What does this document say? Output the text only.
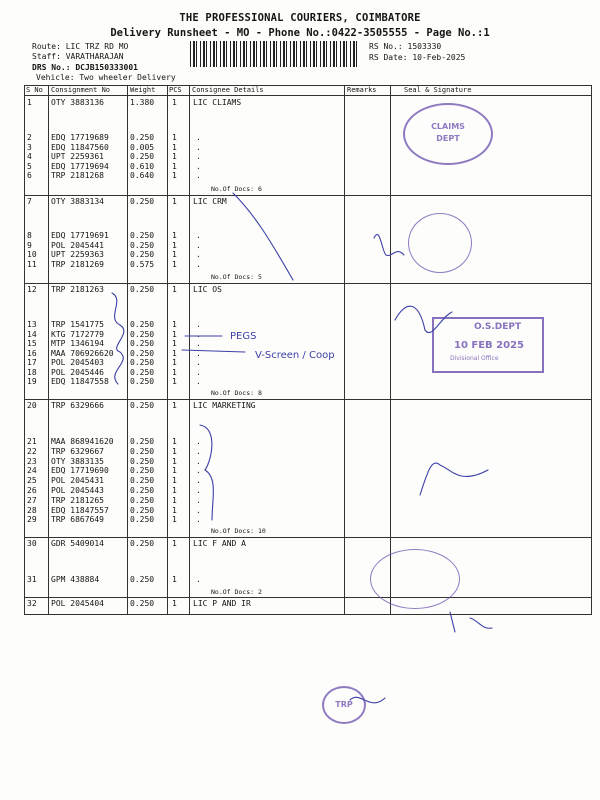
THE PROFESSIONAL COURIERS, COIMBATORE
Delivery Runsheet - MO - Phone No.:0422-3505555 - Page No.:1
Route: LIC TRZ RD MO
Staff: VARATHARAJAN
DRS No.: DCJB150333001
Vehicle: Two wheeler Delivery
RS No.: 1503330
RS Date: 10-Feb-2025
S No Consignment No	Weight PCS Consignee Details	Remarks	Seal & Signature
1 OTY 3883136	1.380 1 LIC CLIAMS
2 EDQ 17719689	0.250 1 .
3 EDQ 11847560	0.005 1 .
4 UPT 2259361	0.250 1 .
5 EDQ 17719694	0.610 1 .
6 TRP 2181268	0.640 1 .
No.Of Docs: 6
7 OTY 3883134	0.250 1 LIC CRM
8 EDQ 17719691	0.250 1 .
9 POL 2045441	0.250 1 .
10 UPT 2259363	0.250 1 .
11 TRP 2181269	0.575 1 .
No.Of Docs: 5
12 TRP 2181263	0.250 1 LIC OS
13 TRP 1541775	0.250 1 .
14 KTG 7172779	0.250 1 .
15 MTP 1346194	0.250 1 .
16 MAA 706926620 0.250 1 .
17 POL 2045403	0.250 1 .
18 POL 2045446	0.250 1 .
19 EDQ 11847558	0.250 1 .
No.Of Docs: 8
20 TRP 6329666	0.250 1 LIC MARKETING
21 MAA 868941620 0.250 1 .
22 TRP 6329667	0.250 1 .
23 OTY 3883135	0.250 1 .
24 EDQ 17719690	0.250 1 .
25 POL 2045431	0.250 1 .
26 POL 2045443	0.250 1 .
27 TRP 2181265	0.250 1 .
28 EDQ 11847557	0.250 1 .
29 TRP 6867649	0.250 1 .
No.Of Docs: 10
30 GDR 5409014	0.250 1 LIC F AND A
31 GPM 438884	0.250 1 .
No.Of Docs: 2
32 POL 2045404	0.250 1 LIC P AND IR
CLAIMS
DEPT
O.S.DEPT
10 FEB 2025
Divisional Office
TRP
PEGS
V-Screen / Coop
